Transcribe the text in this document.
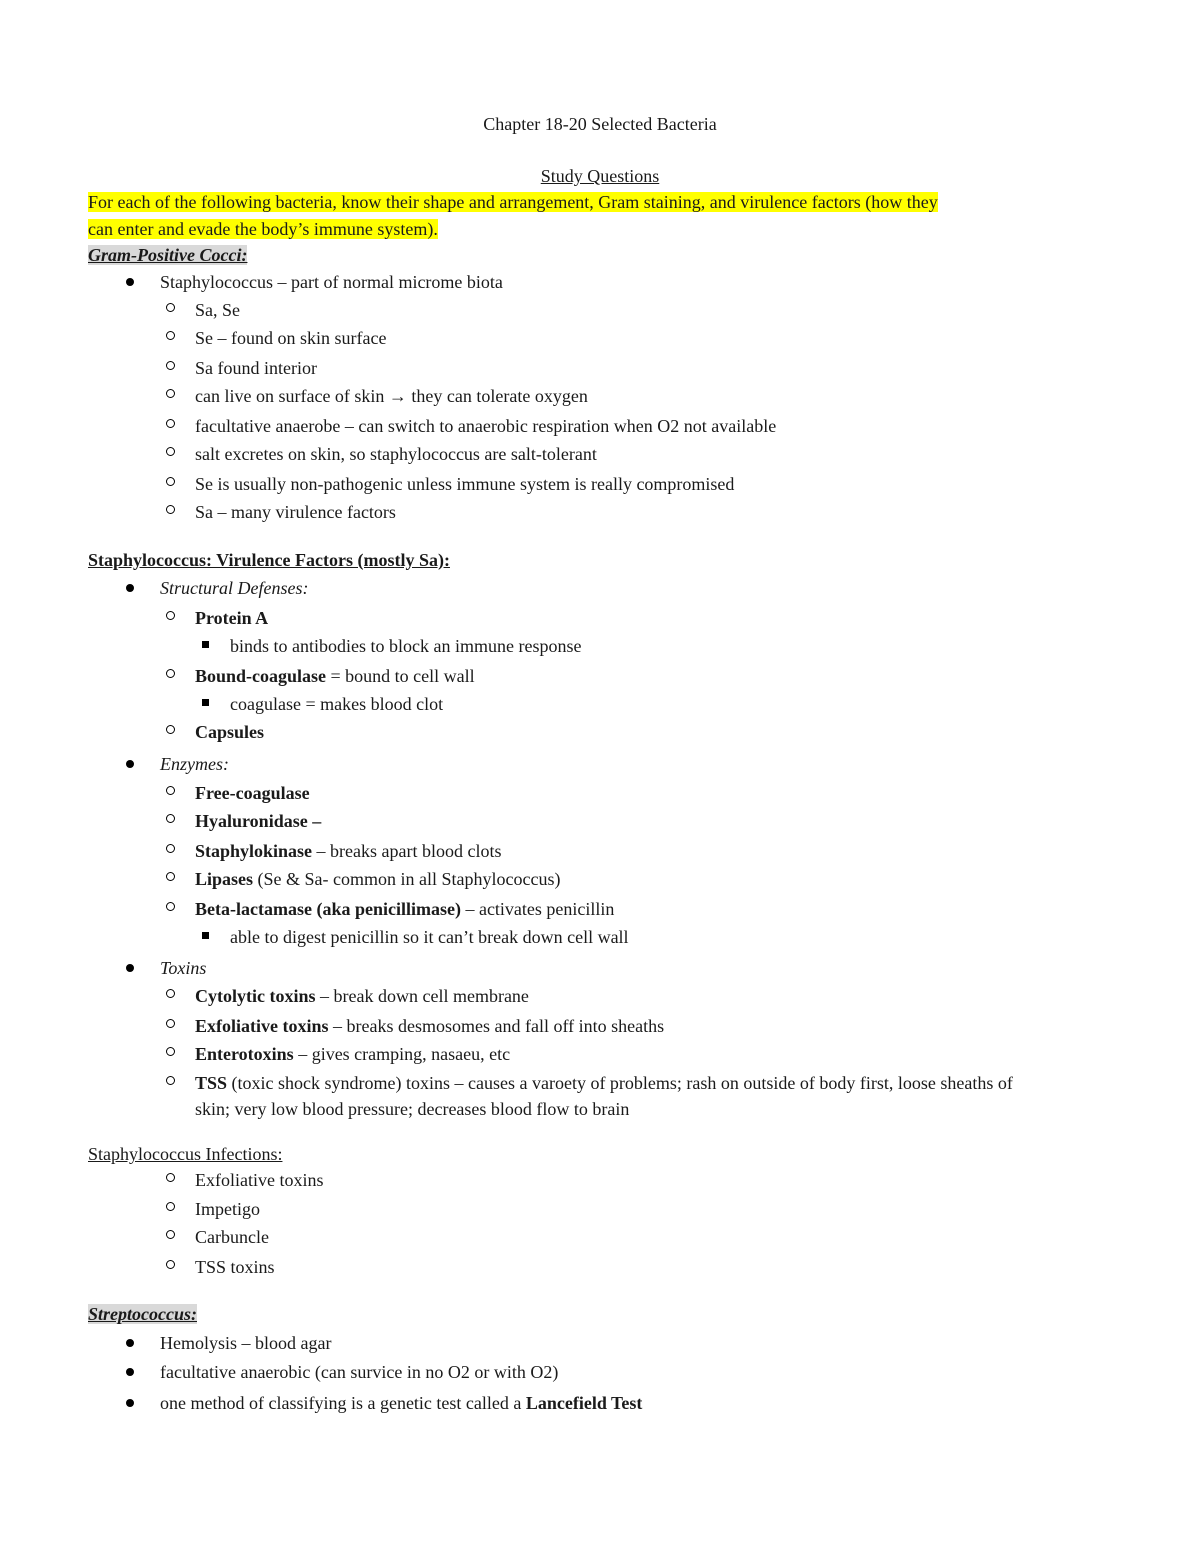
Chapter 18-20 Selected Bacteria
Study Questions
For each of the following bacteria, know their shape and arrangement, Gram staining, and virulence factors (how they
can enter and evade the body’s immune system).
Gram-Positive Cocci:
Staphylococcus – part of normal microme biota
Sa, Se
Se – found on skin surface
Sa found interior
can live on surface of skin → they can tolerate oxygen
facultative anaerobe – can switch to anaerobic respiration when O2 not available
salt excretes on skin, so staphylococcus are salt-tolerant
Se is usually non-pathogenic unless immune system is really compromised
Sa – many virulence factors
Staphylococcus: Virulence Factors (mostly Sa):
Structural Defenses:
Protein A
binds to antibodies to block an immune response
Bound-coagulase = bound to cell wall
coagulase = makes blood clot
Capsules
Enzymes:
Free-coagulase
Hyaluronidase –
Staphylokinase – breaks apart blood clots
Lipases (Se & Sa- common in all Staphylococcus)
Beta-lactamase (aka penicillimase) – activates penicillin
able to digest penicillin so it can’t break down cell wall
Toxins
Cytolytic toxins – break down cell membrane
Exfoliative toxins – breaks desmosomes and fall off into sheaths
Enterotoxins – gives cramping, nasaeu, etc
TSS (toxic shock syndrome) toxins – causes a varoety of problems; rash on outside of body first, loose sheaths of
skin; very low blood pressure; decreases blood flow to brain
Staphylococcus Infections:
Exfoliative toxins
Impetigo
Carbuncle
TSS toxins
Streptococcus:
Hemolysis – blood agar
facultative anaerobic (can survice in no O2 or with O2)
one method of classifying is a genetic test called a Lancefield Test
